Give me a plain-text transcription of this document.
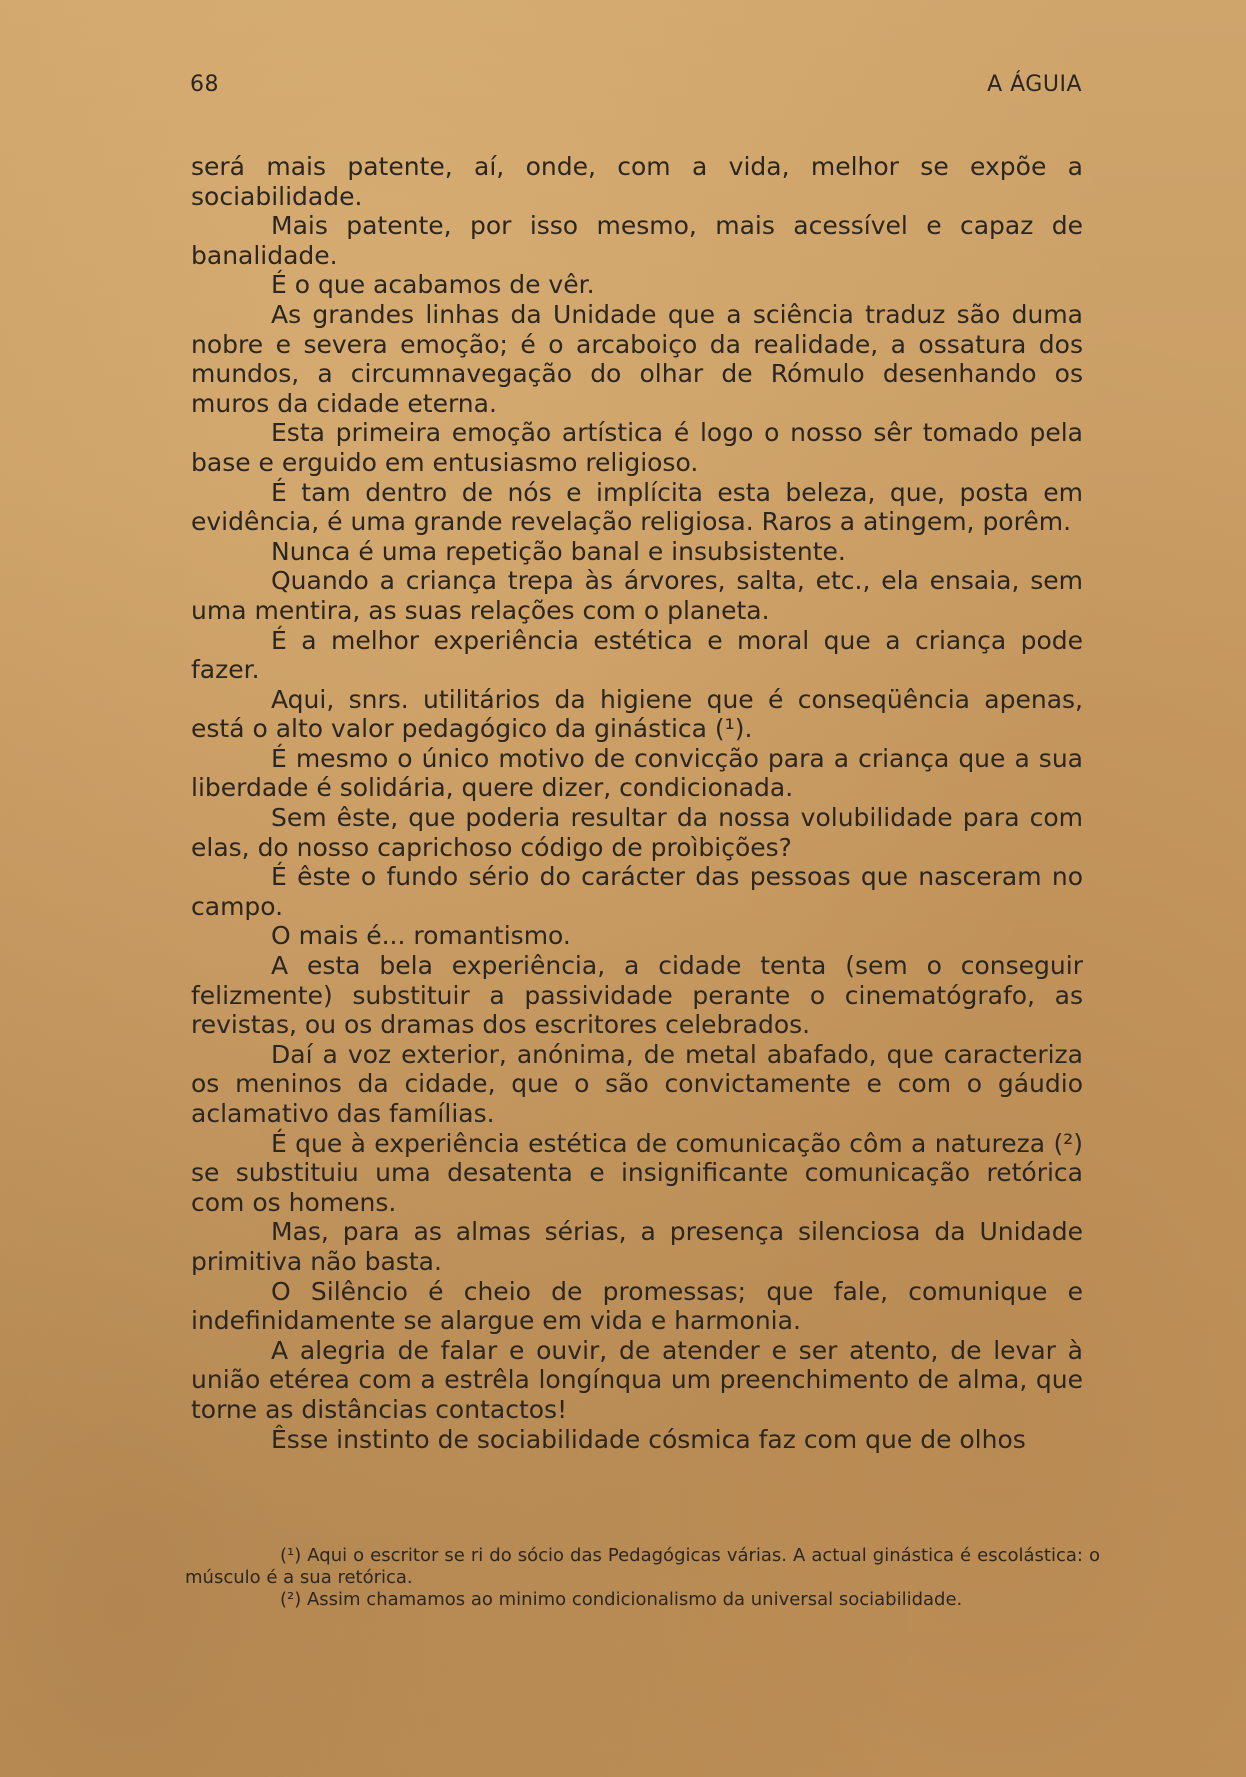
68	A ÁGUIA

será mais patente, aí, onde, com a vida, melhor se expõe a sociabilidade.

Mais patente, por isso mesmo, mais acessível e capaz de banalidade.

É o que acabamos de vêr.

As grandes linhas da Unidade que a sciência traduz são duma nobre e severa emoção; é o arcaboiço da realidade, a ossatura dos mundos, a circumnavegação do olhar de Rómulo desenhando os muros da cidade eterna.

Esta primeira emoção artística é logo o nosso sêr tomado pela base e erguido em entusiasmo religioso.

É tam dentro de nós e implícita esta beleza, que, posta em evidência, é uma grande revelação religiosa. Raros a atingem, porêm.

Nunca é uma repetição banal e insubsistente.

Quando a criança trepa às árvores, salta, etc., ela ensaia, sem uma mentira, as suas relações com o planeta.

É a melhor experiência estética e moral que a criança pode fazer.

Aqui, snrs. utilitários da higiene que é conseqüência apenas, está o alto valor pedagógico da ginástica (¹).

É mesmo o único motivo de convicção para a criança que a sua liberdade é solidária, quere dizer, condicionada.

Sem êste, que poderia resultar da nossa volubilidade para com elas, do nosso caprichoso código de proìbições?

É êste o fundo sério do carácter das pessoas que nasceram no campo.

O mais é... romantismo.

A esta bela experiência, a cidade tenta (sem o conseguir felizmente) substituir a passividade perante o cinematógrafo, as revistas, ou os dramas dos escritores celebrados.

Daí a voz exterior, anónima, de metal abafado, que caracteriza os meninos da cidade, que o são convictamente e com o gáudio aclamativo das famílias.

É que à experiência estética de comunicação côm a natureza (²) se substituiu uma desatenta e insignificante comunicação retórica com os homens.

Mas, para as almas sérias, a presença silenciosa da Unidade primitiva não basta.

O Silêncio é cheio de promessas; que fale, comunique e indefinidamente se alargue em vida e harmonia.

A alegria de falar e ouvir, de atender e ser atento, de levar à união etérea com a estrêla longínqua um preenchimento de alma, que torne as distâncias contactos!

Êsse instinto de sociabilidade cósmica faz com que de olhos

(¹) Aqui o escritor se ri do sócio das Pedagógicas várias. A actual ginástica é escolástica: o músculo é a sua retórica.

(²) Assim chamamos ao minimo condicionalismo da universal sociabilidade.
